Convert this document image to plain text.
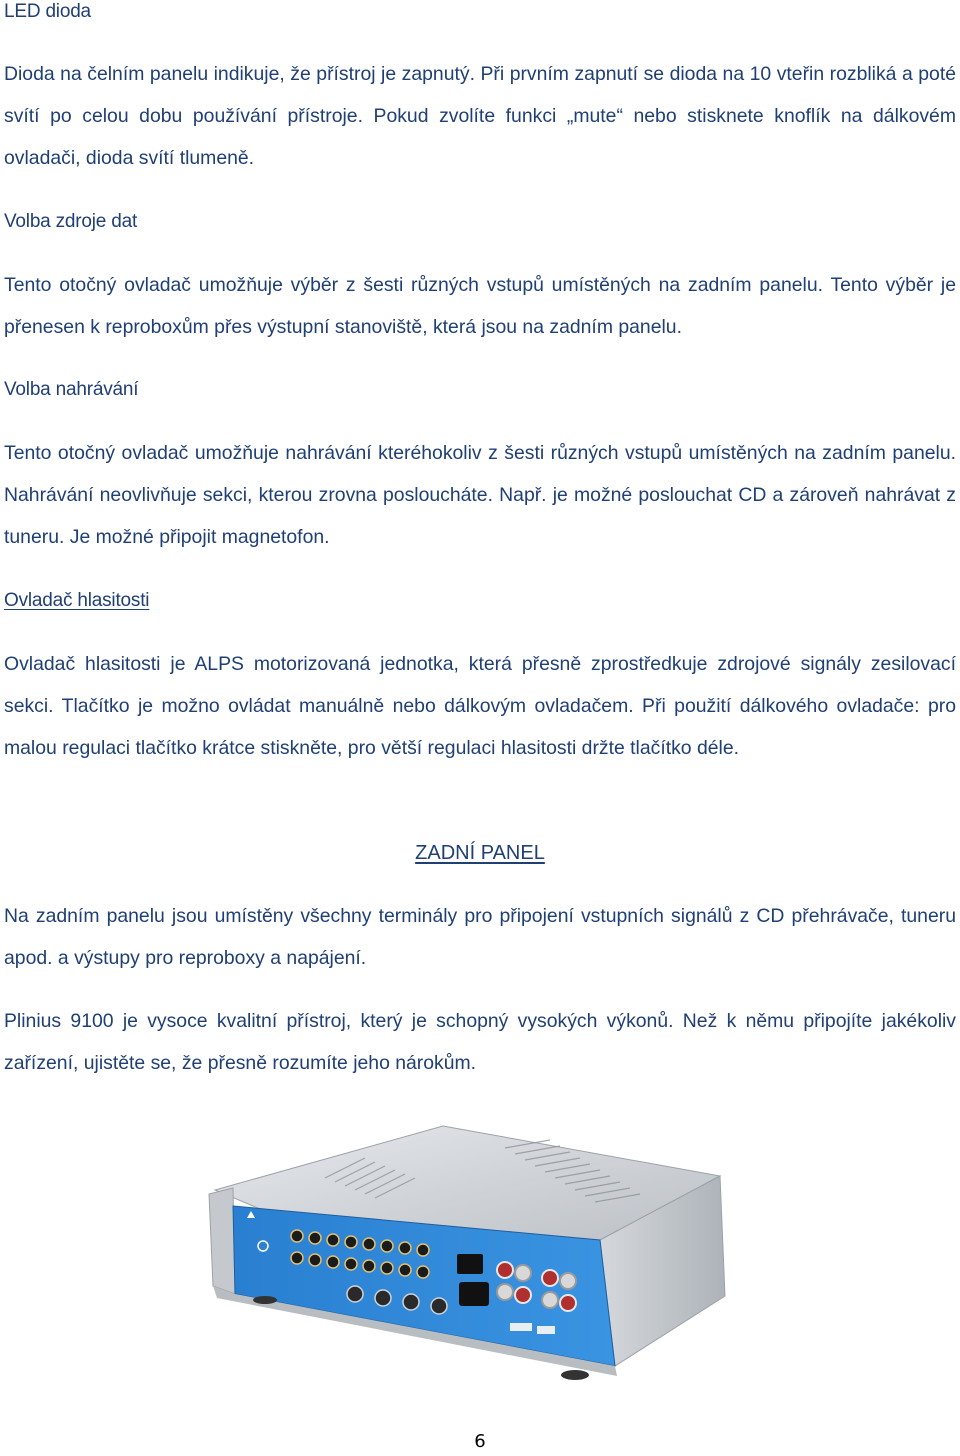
LED dioda
Dioda na čelním panelu indikuje, že přístroj je zapnutý. Při prvním zapnutí se dioda na 10 vteřin rozbliká a poté svítí po celou dobu používání přístroje. Pokud zvolíte funkci „mute“ nebo stisknete knoflík na dálkovém ovladači, dioda svítí tlumeně.
Volba zdroje dat
Tento otočný ovladač umožňuje výběr z šesti různých vstupů umístěných na zadním panelu. Tento výběr je přenesen k reproboxům přes výstupní stanoviště, která jsou na zadním panelu.
Volba nahrávání
Tento otočný ovladač umožňuje nahrávání kteréhokoliv z šesti různých vstupů umístěných na zadním panelu. Nahrávání neovlivňuje sekci, kterou zrovna posloucháte. Např. je možné poslouchat CD a zároveň nahrávat z tuneru. Je možné připojit magnetofon.
Ovladač hlasitosti
Ovladač hlasitosti je ALPS motorizovaná jednotka, která přesně zprostředkuje zdrojové signály zesilovací sekci. Tlačítko je možno ovládat manuálně nebo dálkovým ovladačem. Při použití dálkového ovladače: pro malou regulaci tlačítko krátce stiskněte, pro větší regulaci hlasitosti držte tlačítko déle.
ZADNÍ PANEL
Na zadním panelu jsou umístěny všechny terminály pro připojení vstupních signálů z CD přehrávače, tuneru apod. a výstupy pro reproboxy a napájení.
Plinius 9100 je vysoce kvalitní přístroj, který je schopný vysokých výkonů. Než k němu připojíte jakékoliv zařízení, ujistěte se, že přesně rozumíte jeho nárokům.
6
